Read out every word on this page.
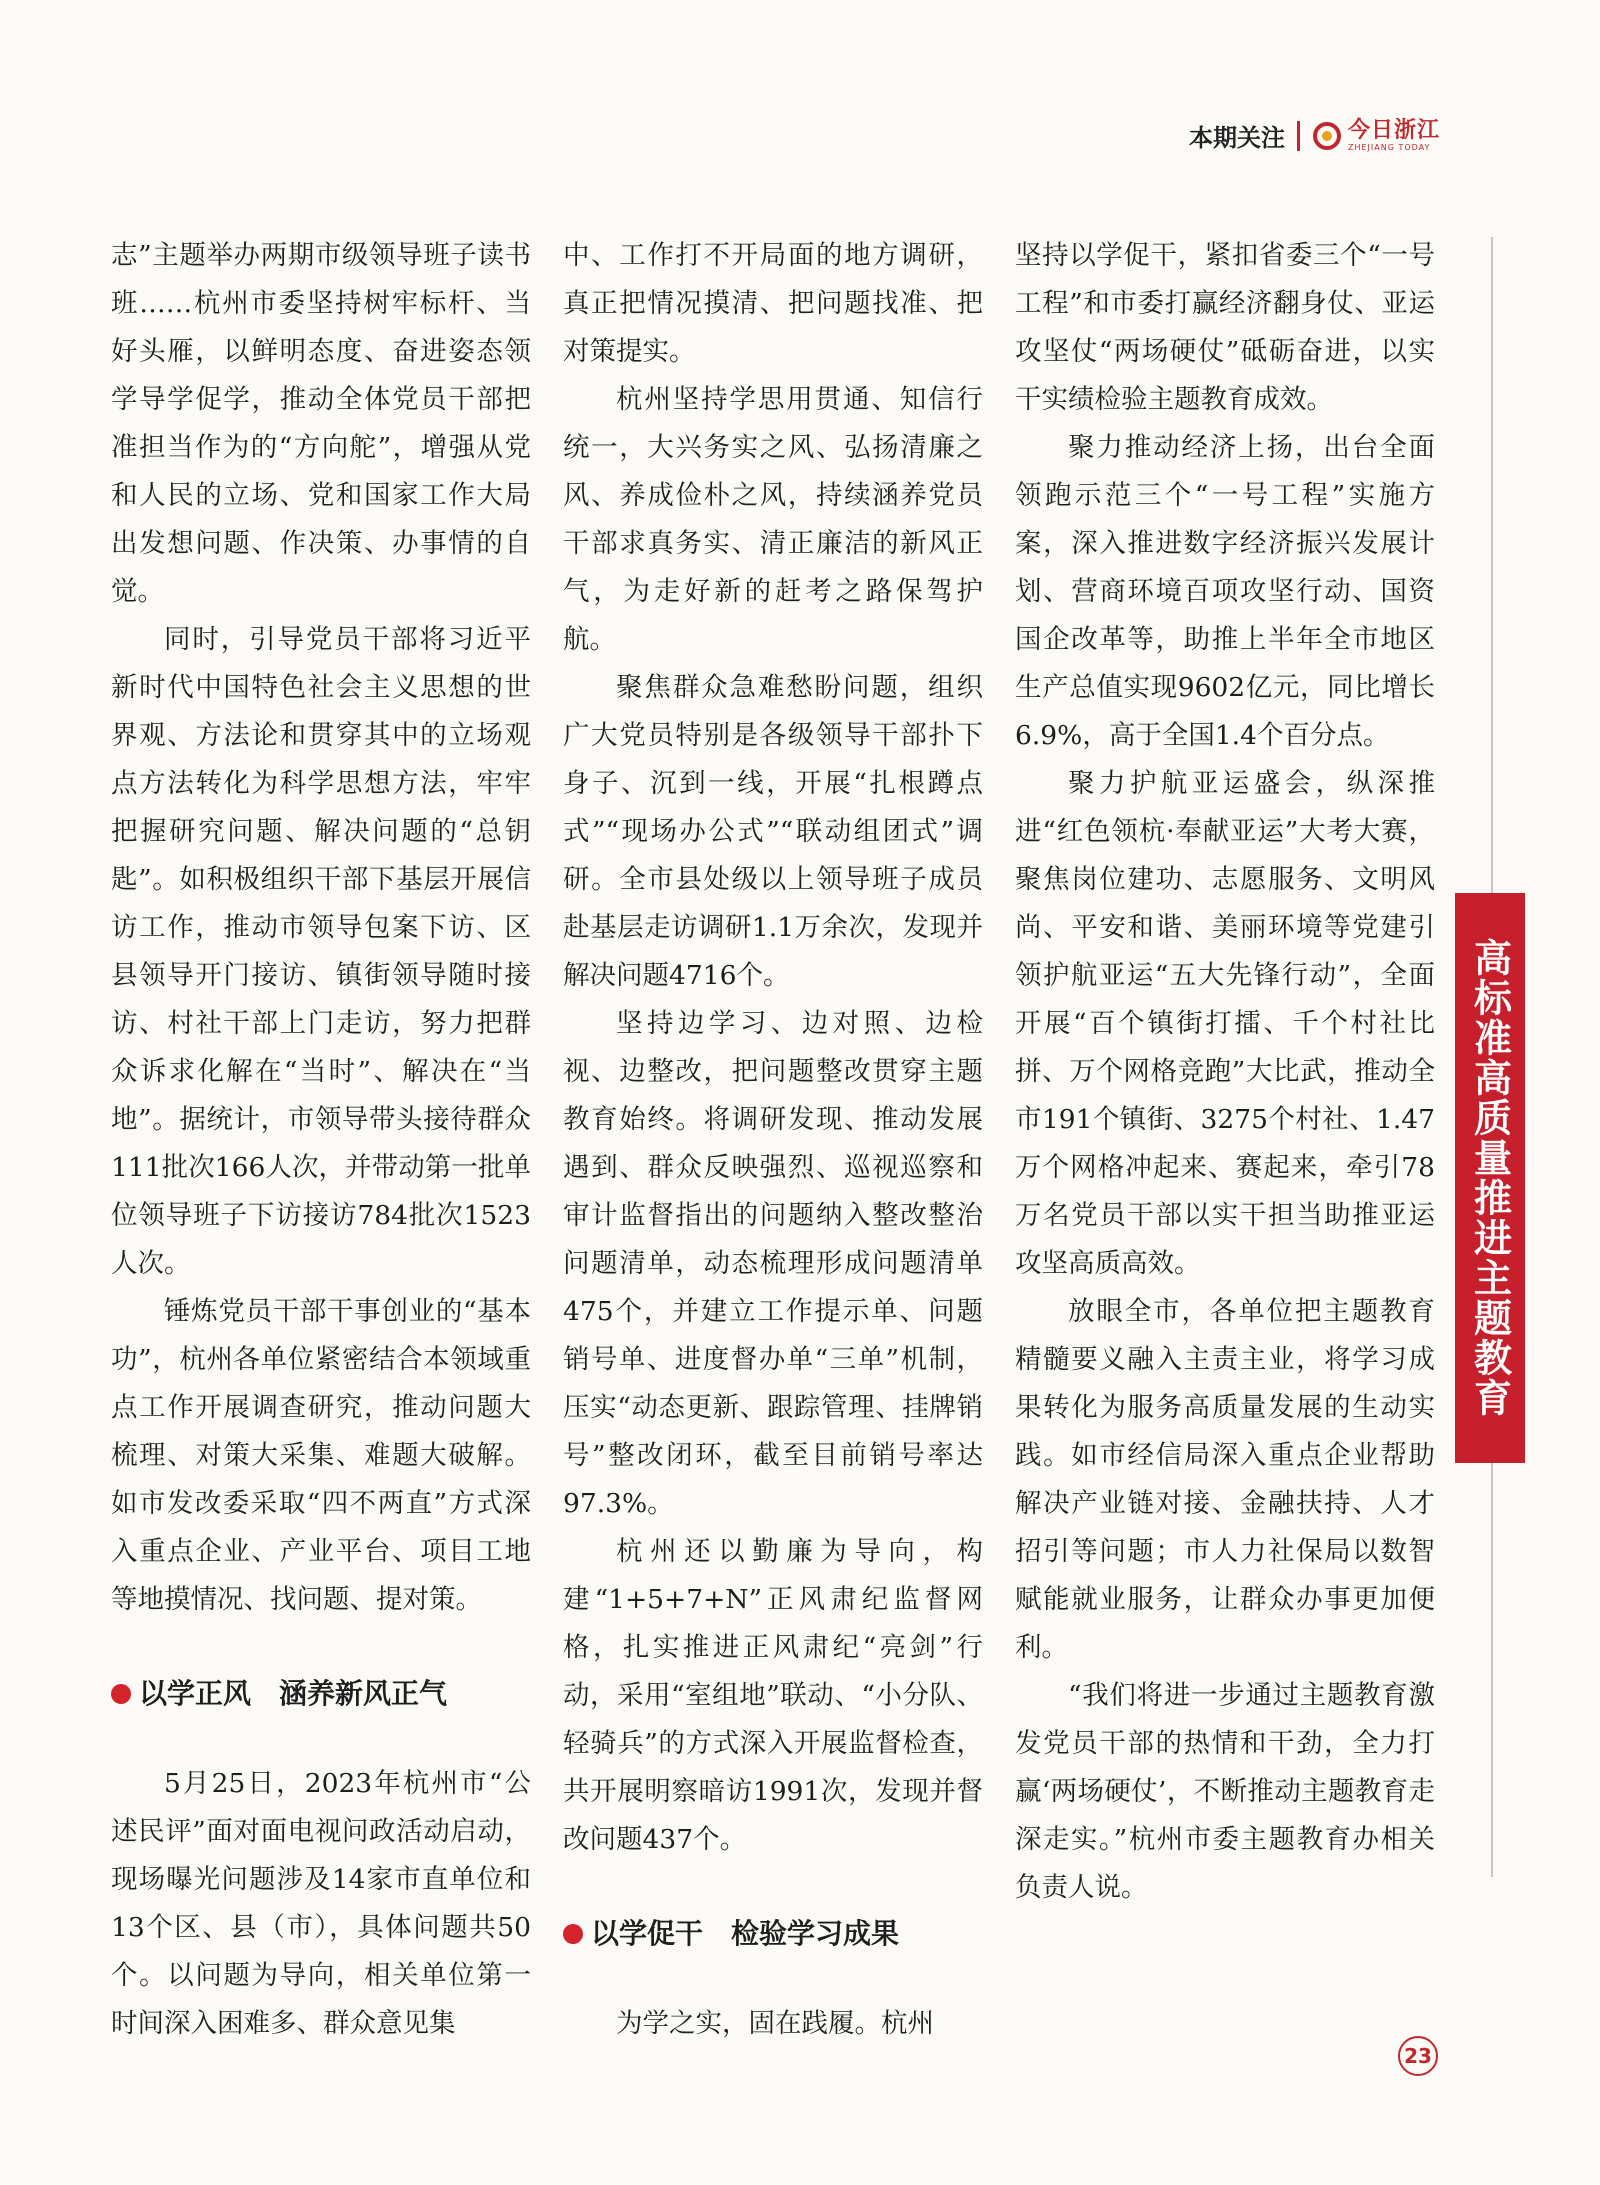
本期关注	今日浙江
ZHEJIANG TODAY

志”主题举办两期市级领导班子读书班……杭州市委坚持树牢标杆、当好头雁，以鲜明态度、奋进姿态领学导学促学，推动全体党员干部把准担当作为的“方向舵”，增强从党和人民的立场、党和国家工作大局出发想问题、作决策、办事情的自觉。

同时，引导党员干部将习近平新时代中国特色社会主义思想的世界观、方法论和贯穿其中的立场观点方法转化为科学思想方法，牢牢把握研究问题、解决问题的“总钥匙”。如积极组织干部下基层开展信访工作，推动市领导包案下访、区县领导开门接访、镇街领导随时接访、村社干部上门走访，努力把群众诉求化解在“当时”、解决在“当地”。据统计，市领导带头接待群众111批次166人次，并带动第一批单位领导班子下访接访784批次1523人次。

锤炼党员干部干事创业的“基本功”，杭州各单位紧密结合本领域重点工作开展调查研究，推动问题大梳理、对策大采集、难题大破解。如市发改委采取“四不两直”方式深入重点企业、产业平台、项目工地等地摸情况、找问题、提对策。

以学正风　涵养新风正气

5月25日，2023年杭州市“公述民评”面对面电视问政活动启动，现场曝光问题涉及14家市直单位和13个区、县（市），具体问题共50个。以问题为导向，相关单位第一时间深入困难多、群众意见集

中、工作打不开局面的地方调研，真正把情况摸清、把问题找准、把对策提实。

杭州坚持学思用贯通、知信行统一，大兴务实之风、弘扬清廉之风、养成俭朴之风，持续涵养党员干部求真务实、清正廉洁的新风正气，为走好新的赶考之路保驾护航。

聚焦群众急难愁盼问题，组织广大党员特别是各级领导干部扑下身子、沉到一线，开展“扎根蹲点式”“现场办公式”“联动组团式”调研。全市县处级以上领导班子成员赴基层走访调研1.1万余次，发现并解决问题4716个。

坚持边学习、边对照、边检视、边整改，把问题整改贯穿主题教育始终。将调研发现、推动发展遇到、群众反映强烈、巡视巡察和审计监督指出的问题纳入整改整治问题清单，动态梳理形成问题清单475个，并建立工作提示单、问题销号单、进度督办单“三单”机制，压实“动态更新、跟踪管理、挂牌销号”整改闭环，截至目前销号率达97.3%。

杭州还以勤廉为导向，构建“1+5+7+N”正风肃纪监督网格，扎实推进正风肃纪“亮剑”行动，采用“室组地”联动、“小分队、轻骑兵”的方式深入开展监督检查，共开展明察暗访1991次，发现并督改问题437个。

以学促干　检验学习成果

为学之实，固在践履。杭州

坚持以学促干，紧扣省委三个“一号工程”和市委打赢经济翻身仗、亚运攻坚仗“两场硬仗”砥砺奋进，以实干实绩检验主题教育成效。

聚力推动经济上扬，出台全面领跑示范三个“一号工程”实施方案，深入推进数字经济振兴发展计划、营商环境百项攻坚行动、国资国企改革等，助推上半年全市地区生产总值实现9602亿元，同比增长6.9%，高于全国1.4个百分点。

聚力护航亚运盛会，纵深推进“红色领杭·奉献亚运”大考大赛，聚焦岗位建功、志愿服务、文明风尚、平安和谐、美丽环境等党建引领护航亚运“五大先锋行动”，全面开展“百个镇街打擂、千个村社比拼、万个网格竞跑”大比武，推动全市191个镇街、3275个村社、1.47万个网格冲起来、赛起来，牵引78万名党员干部以实干担当助推亚运攻坚高质高效。

放眼全市，各单位把主题教育精髓要义融入主责主业，将学习成果转化为服务高质量发展的生动实践。如市经信局深入重点企业帮助解决产业链对接、金融扶持、人才招引等问题；市人力社保局以数智赋能就业服务，让群众办事更加便利。

“我们将进一步通过主题教育激发党员干部的热情和干劲，全力打赢‘两场硬仗’，不断推动主题教育走深走实。”杭州市委主题教育办相关负责人说。

高标准高质量推进主题教育
23
